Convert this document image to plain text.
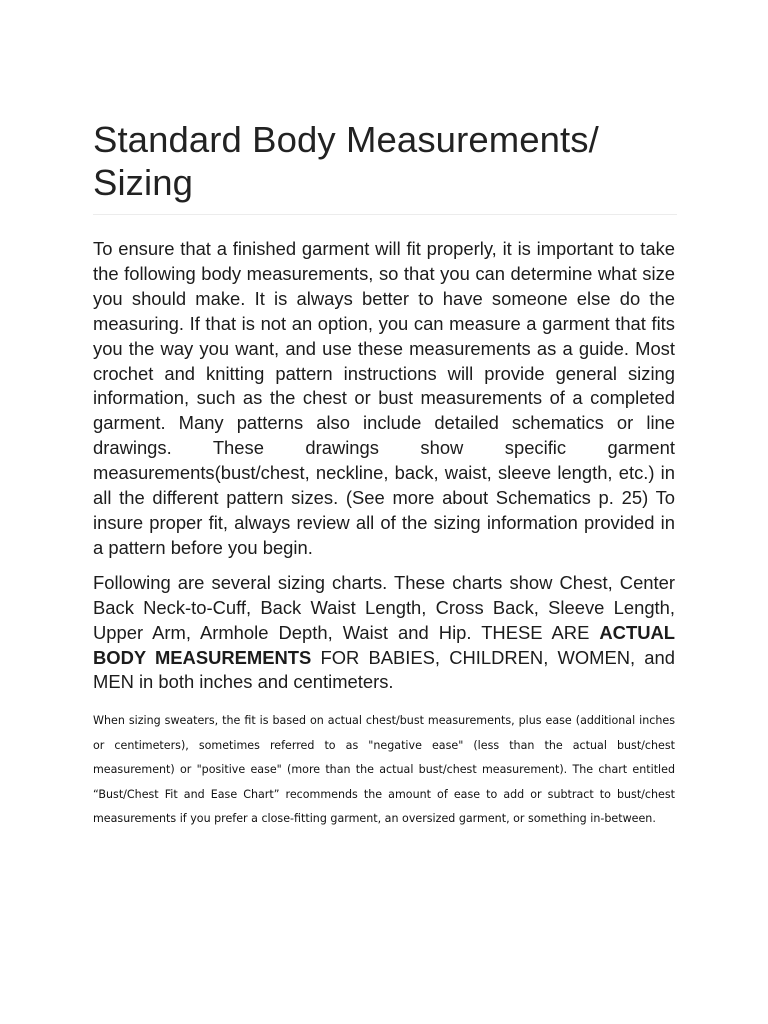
Standard Body Measurements/ Sizing

To ensure that a finished garment will fit properly, it is important to take the following body measurements, so that you can determine what size you should make. It is always better to have someone else do the measuring. If that is not an option, you can measure a garment that fits you the way you want, and use these measurements as a guide. Most crochet and knitting pattern instructions will provide general sizing information, such as the chest or bust measurements of a completed garment. Many patterns also include detailed schematics or line drawings. These drawings show specific garment measurements(bust/chest, neckline, back, waist, sleeve length, etc.) in all the different pattern sizes. (See more about Schematics p. 25) To insure proper fit, always review all of the sizing information provided in a pattern before you begin.

Following are several sizing charts. These charts show Chest, Center Back Neck-to-Cuff, Back Waist Length, Cross Back, Sleeve Length, Upper Arm, Armhole Depth, Waist and Hip. THESE ARE ACTUAL BODY MEASUREMENTS FOR BABIES, CHILDREN, WOMEN, and MEN in both inches and centimeters.

When sizing sweaters, the fit is based on actual chest/bust measurements, plus ease (additional inches or centimeters), sometimes referred to as "negative ease" (less than the actual bust/chest measurement) or "positive ease" (more than the actual bust/chest measurement). The chart entitled “Bust/Chest Fit and Ease Chart” recommends the amount of ease to add or subtract to bust/chest measurements if you prefer a close-fitting garment, an oversized garment, or something in-between.
